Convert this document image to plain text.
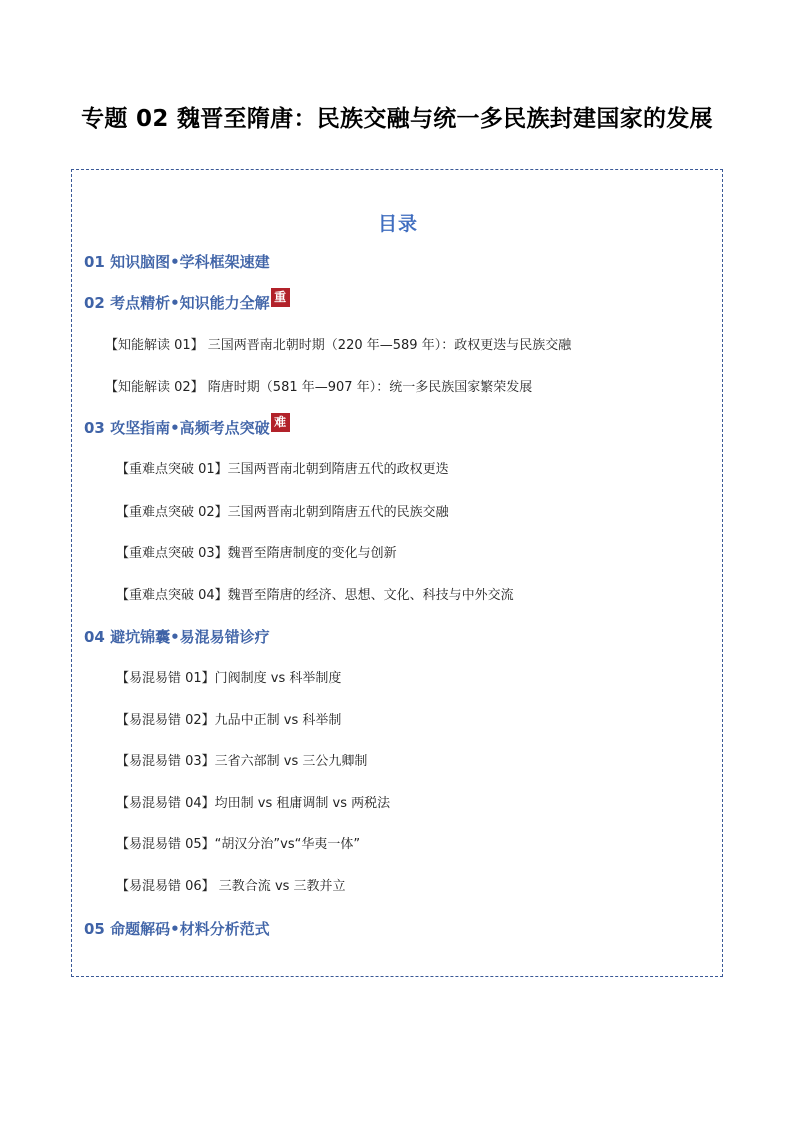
专题 02 魏晋至隋唐：民族交融与统一多民族封建国家的发展
目录
01 知识脑图•学科框架速建
02 考点精析•知识能力全解 重
【知能解读 01】 三国两晋南北朝时期（220 年—589 年）：政权更迭与民族交融
【知能解读 02】 隋唐时期（581 年—907 年）：统一多民族国家繁荣发展
03 攻坚指南•高频考点突破 难
【重难点突破 01】三国两晋南北朝到隋唐五代的政权更迭
【重难点突破 02】三国两晋南北朝到隋唐五代的民族交融
【重难点突破 03】魏晋至隋唐制度的变化与创新
【重难点突破 04】魏晋至隋唐的经济、思想、文化、科技与中外交流
04 避坑锦囊•易混易错诊疗
【易混易错 01】门阀制度 vs 科举制度
【易混易错 02】九品中正制 vs 科举制
【易混易错 03】三省六部制 vs 三公九卿制
【易混易错 04】均田制 vs 租庸调制 vs 两税法
【易混易错 05】“胡汉分治”vs“华夷一体”
【易混易错 06】 三教合流 vs 三教并立
05 命题解码•材料分析范式
